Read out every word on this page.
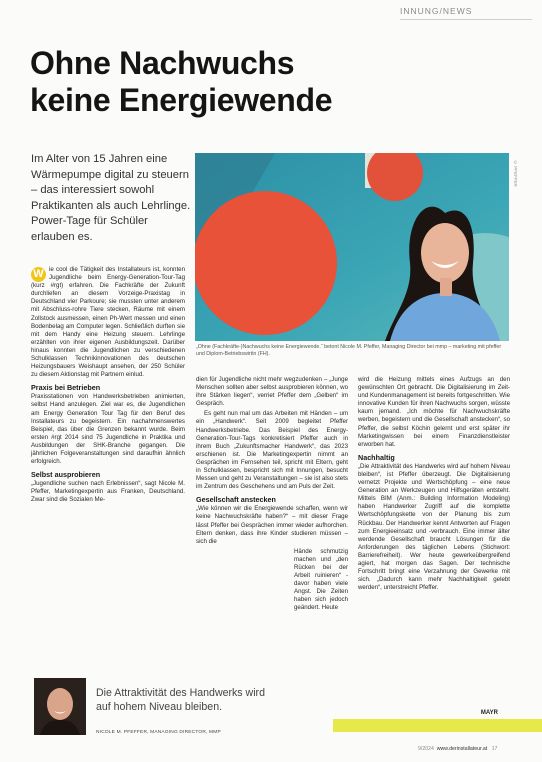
INNUNG/NEWS
Ohne Nachwuchs
keine Energiewende
Im Alter von 15 Jahren eine Wärmepumpe digital zu steuern – das interessiert sowohl Praktikanten als auch Lehrlinge. Power-Tage für Schüler erlauben es.
© PFEFFER
„Ohne (Fachkräfte-)Nachwuchs keine Energiewende.“ betont Nicole M. Pfeffer, Managing Director bei mmp – marketing mit pfeffer und Diplom-Betriebswirtin (FH).

W ie cool die Tätigkeit des Installateurs ist, konnten Jugendliche beim Energy-Generation-Tour-Tag (kurz #rgt) erfahren. Die Fachkräfte der Zukunft durchliefen an diesem Vorzeige-Praxistag in Deutschland vier Parkoure; sie mussten unter anderem mit Abschluss-rohre Tiere stecken, Räume mit einem Zollstock ausmessen, einen Ph-Wert messen und einen Bodenbelag am Computer legen. Schließlich durften sie mit dem Handy eine Heizung steuern. Lehrlinge erzählten von ihrer eigenen Ausbildungszeit. Darüber hinaus konnten die Jugendlichen zu verschiedenen Schulklassen Technikinnovationen des deutschen Heizungsbauers Weishaupt ansehen, der 250 Schüler zu diesem Aktionstag mit Partnern einlud.

Praxis bei Betrieben

Praxisstationen von Handwerksbetrieben animierten, selbst Hand anzulegen. Ziel war es, die Jugendlichen am Energy Generation Tour Tag für den Beruf des Installateurs zu begeistern. Ein nachahmenswertes Beispiel, das über die Grenzen bekannt wurde. Beim ersten #rgt 2014 sind 75 Jugendliche in Praktika und Ausbildungen der SHK-Branche gegangen. Die jährlichen Folgeveranstaltungen sind daraufhin ähnlich erfolgreich.

Selbst ausprobieren

„Jugendliche suchen nach Erlebnissen“, sagt Nicole M. Pfeffer, Marketingexpertin aus Franken, Deutschland. Zwar sind die Sozialen Me-

dien für Jugendliche nicht mehr wegzudenken – „Junge Menschen sollten aber selbst ausprobieren können, wo ihre Stärken liegen“, verriet Pfeffer dem „Gelben“ im Gespräch.

Es geht nun mal um das Arbeiten mit Händen – um ein „Handwerk“. Seit 2009 begleitet Pfeffer Handwerksbetriebe. Das Beispiel des Energy-Generation-Tour-Tags konkretisiert Pfeffer auch in ihrem Buch „Zukunftsmacher Handwerk“, das 2023 erschienen ist. Die Marketingexpertin nimmt an Gesprächen im Fernsehen teil, spricht mit Eltern, geht in Schulklassen, bespricht sich mit Innungen, besucht Messen und geht zu Veranstaltungen – sie ist also stets im Zentrum des Geschehens und am Puls der Zeit.

Gesellschaft anstecken

„Wie können wir die Energiewende schaffen, wenn wir keine Nachwuchskräfte haben?“ – mit dieser Frage lässt Pfeffer bei Gesprächen immer wieder aufhorchen. Eltern denken, dass ihre Kinder studieren müssen – sich die

Hände schmutzig machen und „den Rücken bei der Arbeit ruinieren“ -davor haben viele Angst. Die Zeiten haben sich jedoch geändert. Heute

wird die Heizung mittels eines Aufzugs an den gewünschten Ort gebracht. Die Digitalisierung im Zeit- und Kundenmanagement ist bereits fortgeschritten. Wie innovative Kunden für ihren Nachwuchs sorgen, wüsste kaum jemand. „Ich möchte für Nachwuchskräfte werben, begeistern und die Gesellschaft anstecken“, so Pfeffer, die selbst Köchin gelernt und erst später ihr Marketingwissen bei einem Finanzdienstleister erworben hat.

Nachhaltig

„Die Attraktivität des Handwerks wird auf hohem Niveau bleiben“, ist Pfeffer überzeugt. Die Digitalisierung vernetzt Projekte und Wertschöpfung – eine neue Generation an Werkzeugen und Hilfsgeräten entsteht. Mittels BIM (Anm.: Building Information Modeling) haben Handwerker Zugriff auf die komplette Wertschöpfungskette von der Planung bis zum Rückbau. Der Handwerker kennt Antworten auf Fragen zum Energieeinsatz und -verbrauch. Eine immer älter werdende Gesellschaft braucht Lösungen für die Anforderungen des täglichen Lebens (Stichwort: Barrierefreiheit). Wer heute gewerkeübergreifend agiert, hat morgen das Sagen. Der technische Fortschritt bringt eine Verzahnung der Gewerke mit sich. „Dadurch kann mehr Nachhaltigkeit gelebt werden“, unterstreicht Pfeffer.

MAYR
Die Attraktivität des Handwerks wird auf hohem Niveau bleiben.
NICOLE M. PFEFFER, MANAGING DIRECTOR, MMP
9/2024 www.derinstallateur.at 17
